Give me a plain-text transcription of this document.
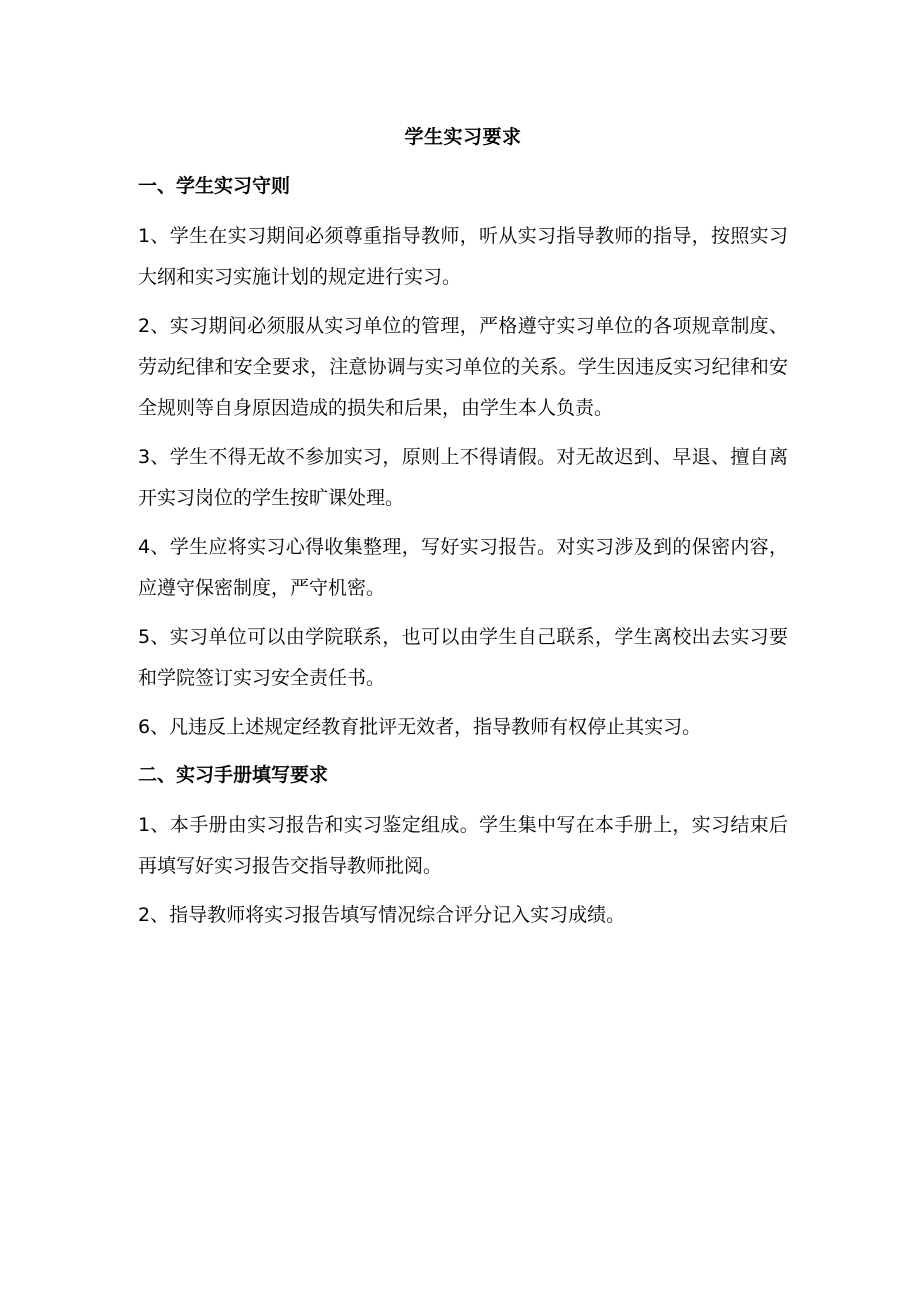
学生实习要求
一、学生实习守则

1、学生在实习期间必须尊重指导教师，听从实习指导教师的指导，按照实习大纲和实习实施计划的规定进行实习。

2、实习期间必须服从实习单位的管理，严格遵守实习单位的各项规章制度、劳动纪律和安全要求，注意协调与实习单位的关系。学生因违反实习纪律和安全规则等自身原因造成的损失和后果，由学生本人负责。

3、学生不得无故不参加实习，原则上不得请假。对无故迟到、早退、擅自离开实习岗位的学生按旷课处理。

4、学生应将实习心得收集整理，写好实习报告。对实习涉及到的保密内容，应遵守保密制度，严守机密。

5、实习单位可以由学院联系，也可以由学生自己联系，学生离校出去实习要和学院签订实习安全责任书。

6、凡违反上述规定经教育批评无效者，指导教师有权停止其实习。

二、实习手册填写要求

1、本手册由实习报告和实习鉴定组成。学生集中写在本手册上，实习结束后再填写好实习报告交指导教师批阅。

2、指导教师将实习报告填写情况综合评分记入实习成绩。
